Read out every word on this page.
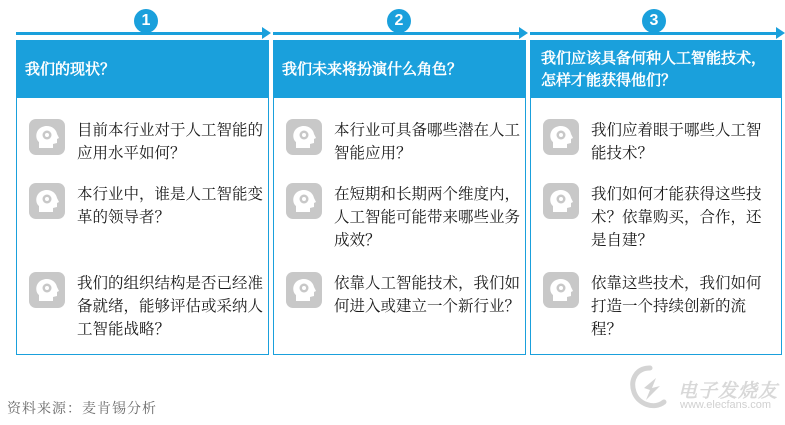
1
我们的现状？
目前本行业对于人工智能的应用水平如何？
本行业中，谁是人工智能变革的领导者？
我们的组织结构是否已经准备就绪，能够评估或采纳人工智能战略？
2
我们未来将扮演什么角色？
本行业可具备哪些潜在人工智能应用？
在短期和长期两个维度内，人工智能可能带来哪些业务成效？
依靠人工智能技术，我们如何进入或建立一个新行业？
3
我们应该具备何种人工智能技术，怎样才能获得他们？
我们应着眼于哪些人工智能技术？
我们如何才能获得这些技术？依靠购买，合作，还是自建？
依靠这些技术，我们如何打造一个持续创新的流程？
资料来源：麦肯锡分析
电子发烧友
www.elecfans.com
